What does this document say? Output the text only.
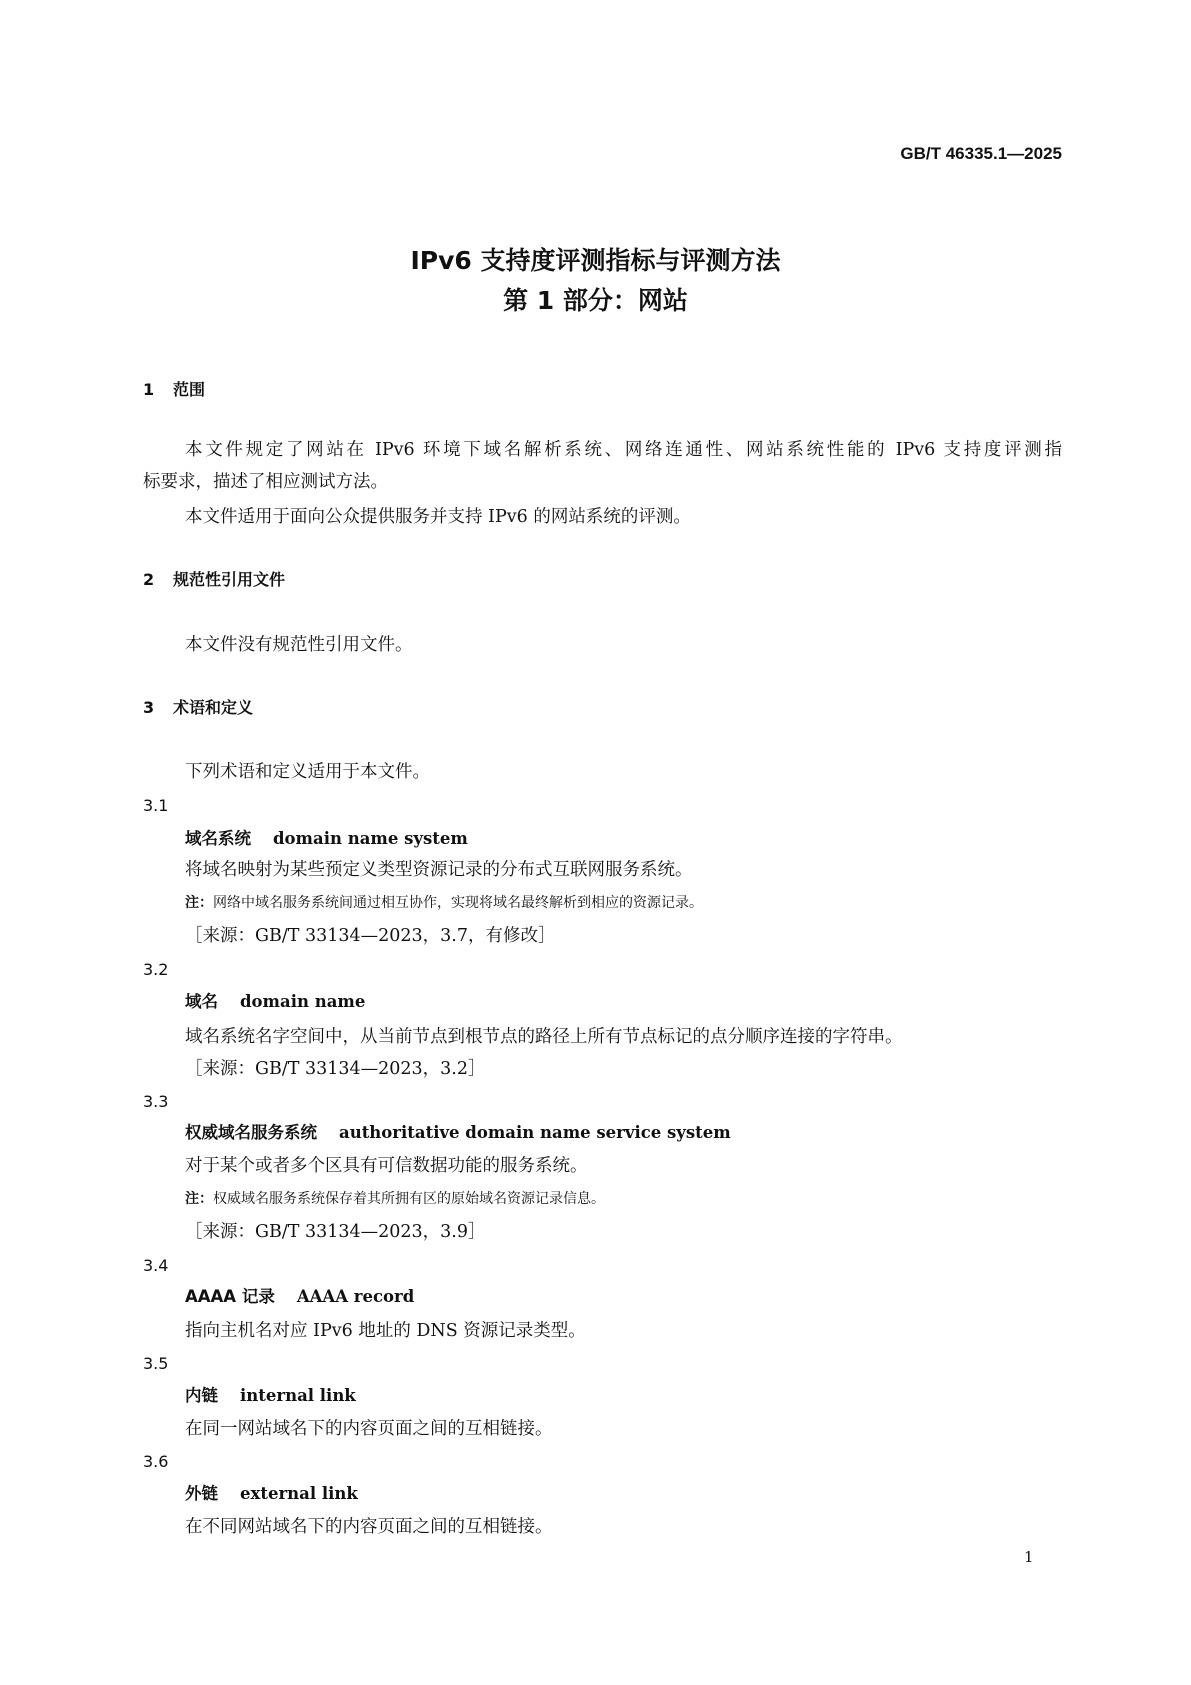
GB/T 46335.1—2025
IPv6 支持度评测指标与评测方法
第 1 部分：网站
1 范围
本文件规定了网站在 IPv6 环境下域名解析系统、网络连通性、网站系统性能的 IPv6 支持度评测指
标要求，描述了相应测试方法。
本文件适用于面向公众提供服务并支持 IPv6 的网站系统的评测。
2 规范性引用文件
本文件没有规范性引用文件。
3 术语和定义
下列术语和定义适用于本文件。
3.1
域名系统 domain name system
将域名映射为某些预定义类型资源记录的分布式互联网服务系统。
注：网络中域名服务系统间通过相互协作，实现将域名最终解析到相应的资源记录。
［来源：GB/T 33134—2023，3.7，有修改］
3.2
域名 domain name
域名系统名字空间中，从当前节点到根节点的路径上所有节点标记的点分顺序连接的字符串。
［来源：GB/T 33134—2023，3.2］
3.3
权威域名服务系统 authoritative domain name service system
对于某个或者多个区具有可信数据功能的服务系统。
注：权威域名服务系统保存着其所拥有区的原始域名资源记录信息。
［来源：GB/T 33134—2023，3.9］
3.4
AAAA 记录 AAAA record
指向主机名对应 IPv6 地址的 DNS 资源记录类型。
3.5
内链 internal link
在同一网站域名下的内容页面之间的互相链接。
3.6
外链 external link
在不同网站域名下的内容页面之间的互相链接。
1
